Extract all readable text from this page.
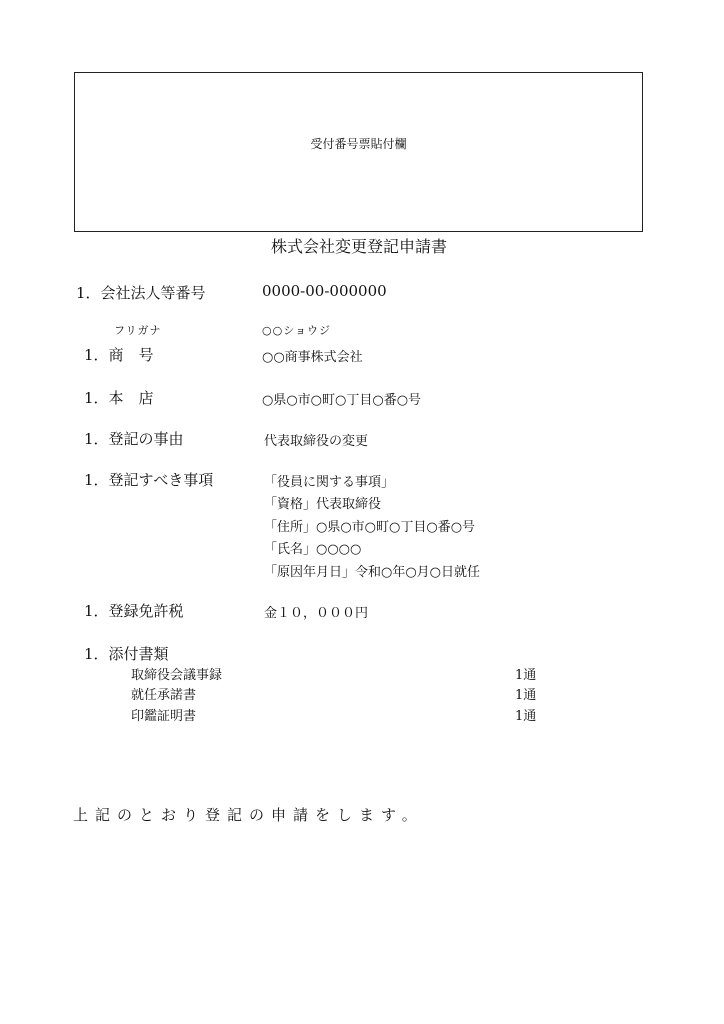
受付番号票貼付欄
株式会社変更登記申請書
1．会社法人等番号	0000-00-000000
フリガナ	○○ショウジ
1．商　号	○○商事株式会社
1．本　店	○県○市○町○丁目○番○号
1．登記の事由	代表取締役の変更
1．登記すべき事項	「役員に関する事項」
「資格」代表取締役
「住所」○県○市○町○丁目○番○号
「氏名」○○○○
「原因年月日」令和○年○月○日就任
1．登録免許税	金１０，０００円
1．添付書類
取締役会議事録	1通
就任承諾書	1通
印鑑証明書	1通
上記のとおり登記の申請をします。
